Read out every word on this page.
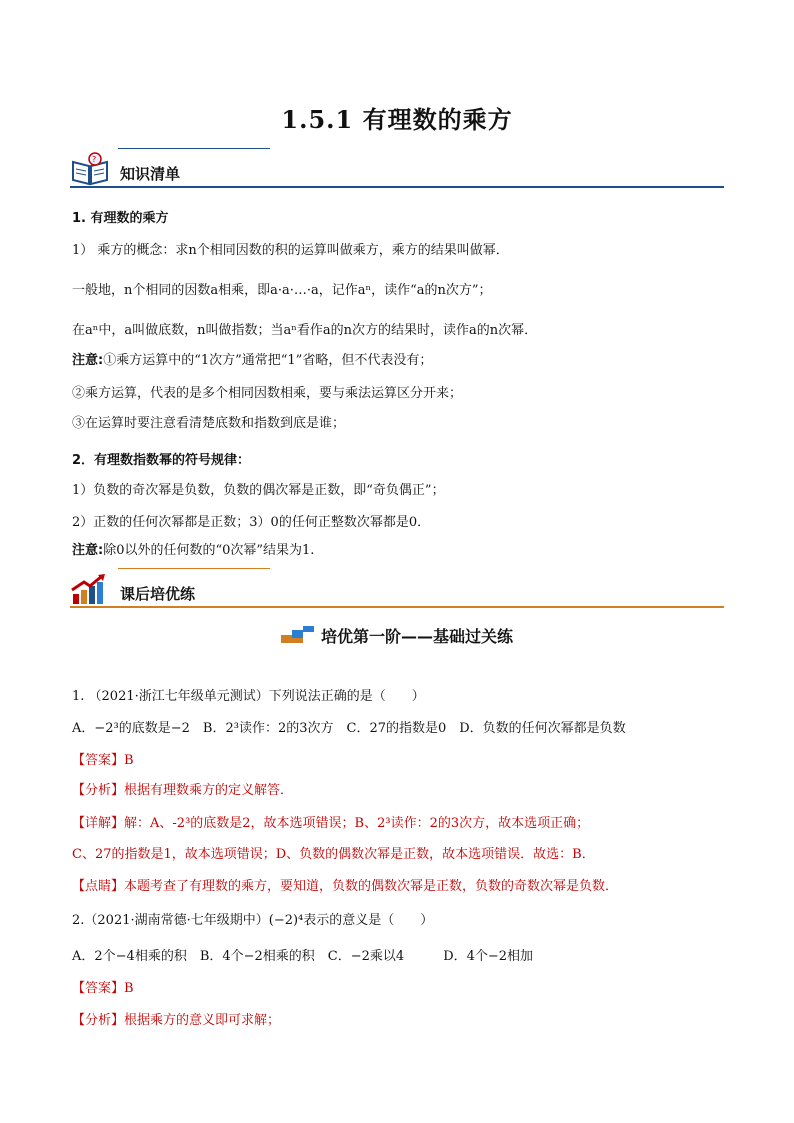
1.5.1 有理数的乘方
?
知识清单
1. 有理数的乘方
1） 乘方的概念：求n个相同因数的积的运算叫做乘方，乘方的结果叫做幂．
一般地，n个相同的因数a相乘，即a·a·…·a，记作aⁿ，读作“a的n次方”；
在aⁿ中，a叫做底数，n叫做指数；当aⁿ看作a的n次方的结果时，读作a的n次幂．
注意:①乘方运算中的“1次方”通常把“1”省略，但不代表没有；
②乘方运算，代表的是多个相同因数相乘，要与乘法运算区分开来；
③在运算时要注意看清楚底数和指数到底是谁；
2．有理数指数幂的符号规律：
1）负数的奇次幂是负数，负数的偶次幂是正数，即“奇负偶正”；
2）正数的任何次幂都是正数；3）0的任何正整数次幂都是0．
注意:除0以外的任何数的“0次幂”结果为1.
课后培优练
培优第一阶——基础过关练
1. （2021·浙江七年级单元测试）下列说法正确的是（　　）
A．−2³的底数是−2　B．2³读作：2的3次方　C．27的指数是0　D．负数的任何次幂都是负数
【答案】B
【分析】根据有理数乘方的定义解答．
【详解】解：A、-2³的底数是2，故本选项错误；B、2³读作：2的3次方，故本选项正确；
C、27的指数是1，故本选项错误；D、负数的偶数次幂是正数，故本选项错误．故选：B．
【点睛】本题考查了有理数的乘方，要知道，负数的偶数次幂是正数，负数的奇数次幂是负数．
2.（2021·湖南常德·七年级期中）(−2)⁴表示的意义是（　　）
A．2个−4相乘的积　B．4个−2相乘的积　C．−2乘以4　　　D．4个−2相加
【答案】B
【分析】根据乘方的意义即可求解；
